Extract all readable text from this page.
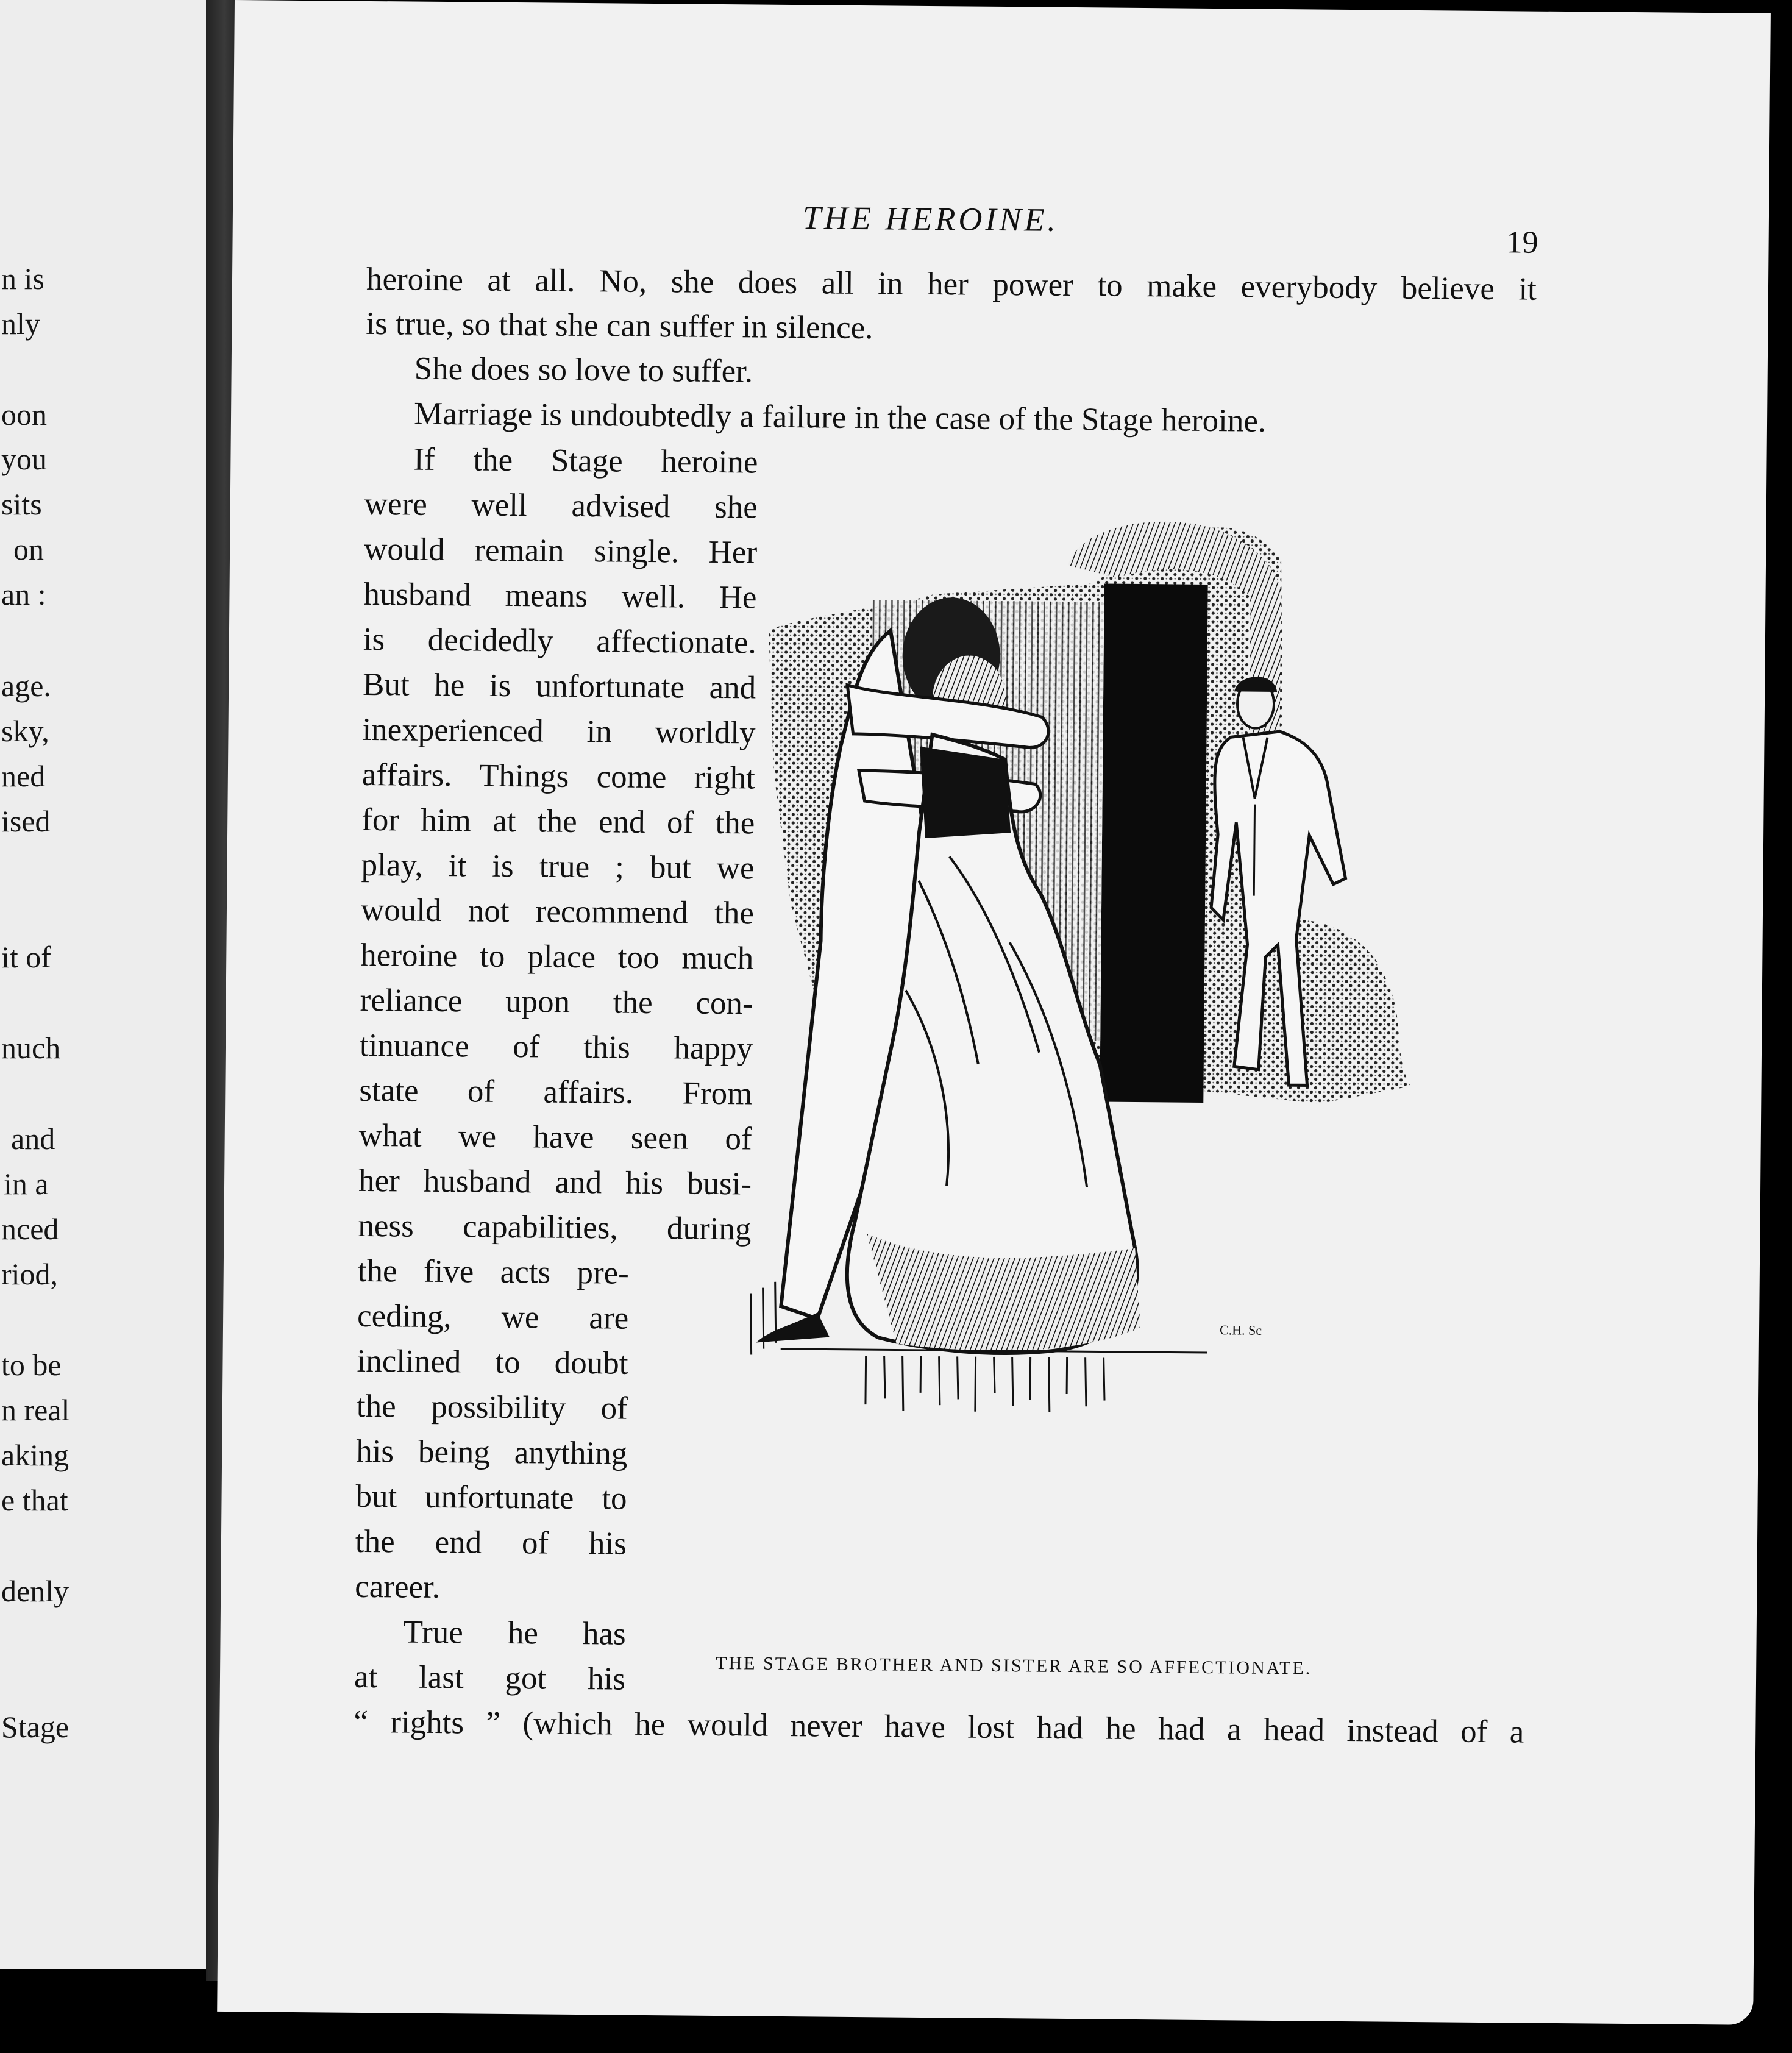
n is
nly
oon
you
sits
on
an :
age.
sky,
ned
ised
it of
nuch
and
in a
nced
riod,
to be
n real
aking
e that
denly
Stage
THE HEROINE.
19
heroine at all. No, she does all in her power to make everybody believe it
is true, so that she can suffer in silence.
She does so love to suffer.
Marriage is undoubtedly a failure in the case of the Stage heroine.
If the Stage heroine
were well advised she
would remain single. Her
husband means well. He
is decidedly affectionate.
But he is unfortunate and
inexperienced in worldly
affairs. Things come right
for him at the end of the
play, it is true ; but we
would not recommend the
heroine to place too much
reliance upon the con-
tinuance of this happy
state of affairs. From
what we have seen of
her husband and his busi-
ness capabilities, during
the five acts pre-
ceding, we are
inclined to doubt
the possibility of
his being anything
but unfortunate to
the end of his
career.
True he has
at last got his
“ rights ” (which he would never have lost had he had a head instead of a
C.H. Sc
THE STAGE BROTHER AND SISTER ARE SO AFFECTIONATE.
